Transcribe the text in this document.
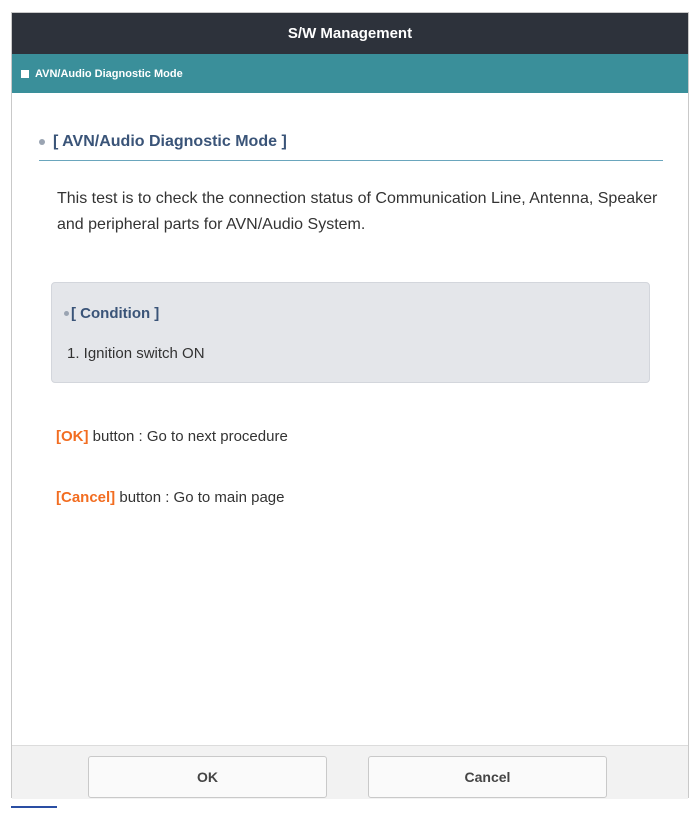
S/W Management
AVN/Audio Diagnostic Mode
[ AVN/Audio Diagnostic Mode ]
This test is to check the connection status of Communication Line, Antenna, Speaker and peripheral parts for AVN/Audio System.
[ Condition ]
1. Ignition switch ON
[OK] button : Go to next procedure
[Cancel] button : Go to main page
OK	Cancel
